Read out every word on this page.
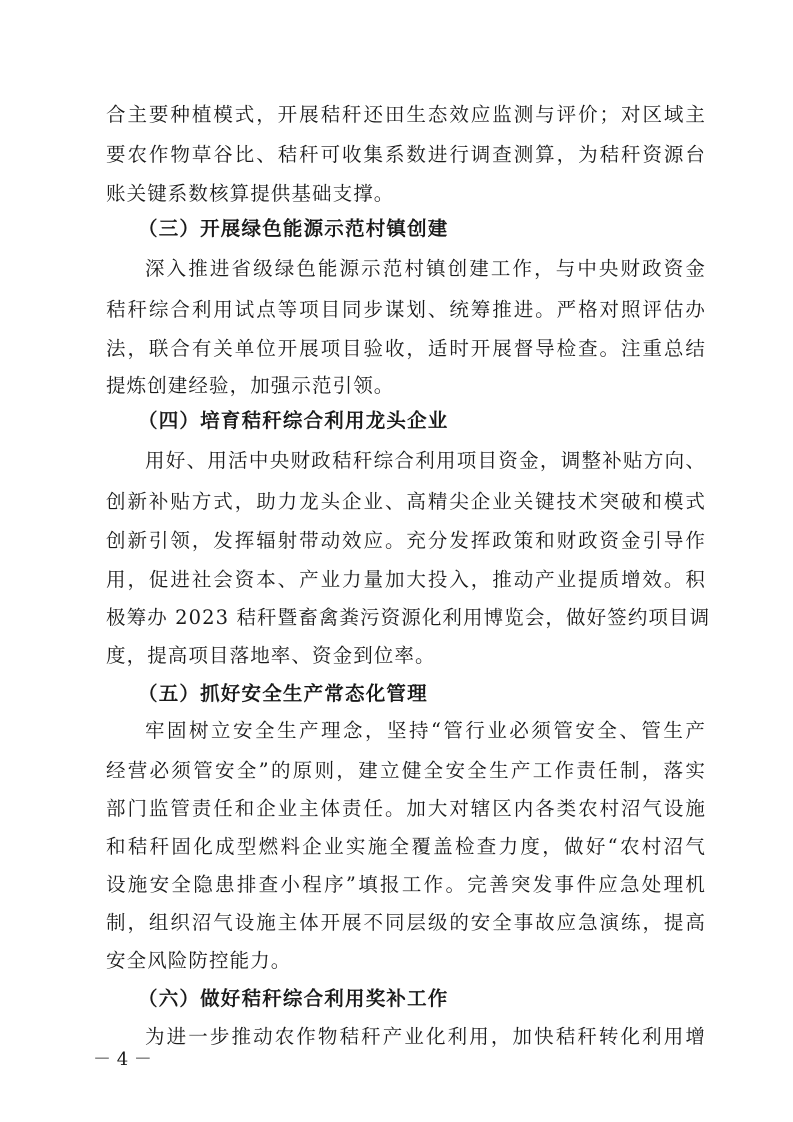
合主要种植模式，开展秸秆还田生态效应监测与评价；对区域主
要农作物草谷比、秸秆可收集系数进行调查测算，为秸秆资源台
账关键系数核算提供基础支撑。
（三）开展绿色能源示范村镇创建
深入推进省级绿色能源示范村镇创建工作，与中央财政资金
秸秆综合利用试点等项目同步谋划、统筹推进。严格对照评估办
法，联合有关单位开展项目验收，适时开展督导检查。注重总结
提炼创建经验，加强示范引领。
（四）培育秸秆综合利用龙头企业
用好、用活中央财政秸秆综合利用项目资金，调整补贴方向、
创新补贴方式，助力龙头企业、高精尖企业关键技术突破和模式
创新引领，发挥辐射带动效应。充分发挥政策和财政资金引导作
用，促进社会资本、产业力量加大投入，推动产业提质增效。积
极筹办 2023 秸秆暨畜禽粪污资源化利用博览会，做好签约项目调
度，提高项目落地率、资金到位率。
（五）抓好安全生产常态化管理
牢固树立安全生产理念，坚持“管行业必须管安全、管生产
经营必须管安全”的原则，建立健全安全生产工作责任制，落实
部门监管责任和企业主体责任。加大对辖区内各类农村沼气设施
和秸秆固化成型燃料企业实施全覆盖检查力度，做好“农村沼气
设施安全隐患排查小程序”填报工作。完善突发事件应急处理机
制，组织沼气设施主体开展不同层级的安全事故应急演练，提高
安全风险防控能力。
（六）做好秸秆综合利用奖补工作
为进一步推动农作物秸秆产业化利用，加快秸秆转化利用增
－ 4 －
